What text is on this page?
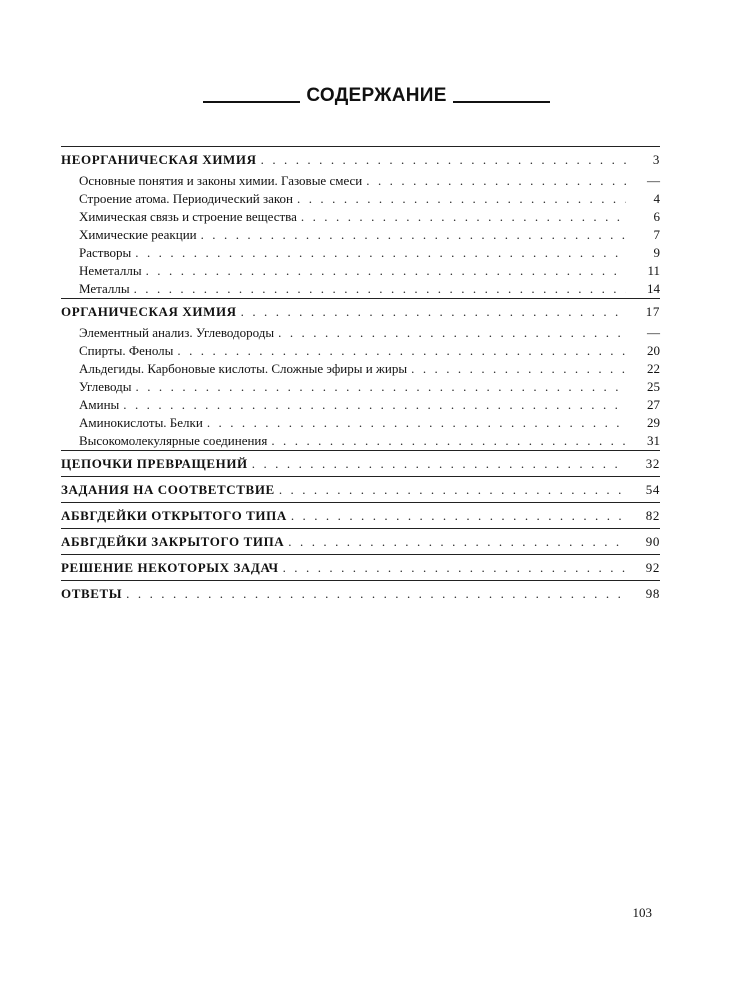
СОДЕРЖАНИЕ
НЕОРГАНИЧЕСКАЯ ХИМИЯ . . .	3
Основные понятия и законы химии. Газовые смеси . . .	—
Строение атома. Периодический закон . . .	4
Химическая связь и строение вещества . . .	6
Химические реакции . . .	7
Растворы . . .	9
Неметаллы . . .	11
Металлы . . .	14
ОРГАНИЧЕСКАЯ ХИМИЯ . . .	17
Элементный анализ. Углеводороды . . .	—
Спирты. Фенолы . . .	20
Альдегиды. Карбоновые кислоты. Сложные эфиры и жиры . . .	22
Углеводы . . .	25
Амины . . .	27
Аминокислоты. Белки . . .	29
Высокомолекулярные соединения . . .	31
ЦЕПОЧКИ ПРЕВРАЩЕНИЙ . . .	32
ЗАДАНИЯ НА СООТВЕТСТВИЕ . . .	54
АБВГДЕЙКИ ОТКРЫТОГО ТИПА . . .	82
АБВГДЕЙКИ ЗАКРЫТОГО ТИПА . . .	90
РЕШЕНИЕ НЕКОТОРЫХ ЗАДАЧ . . .	92
ОТВЕТЫ . . .	98
103
